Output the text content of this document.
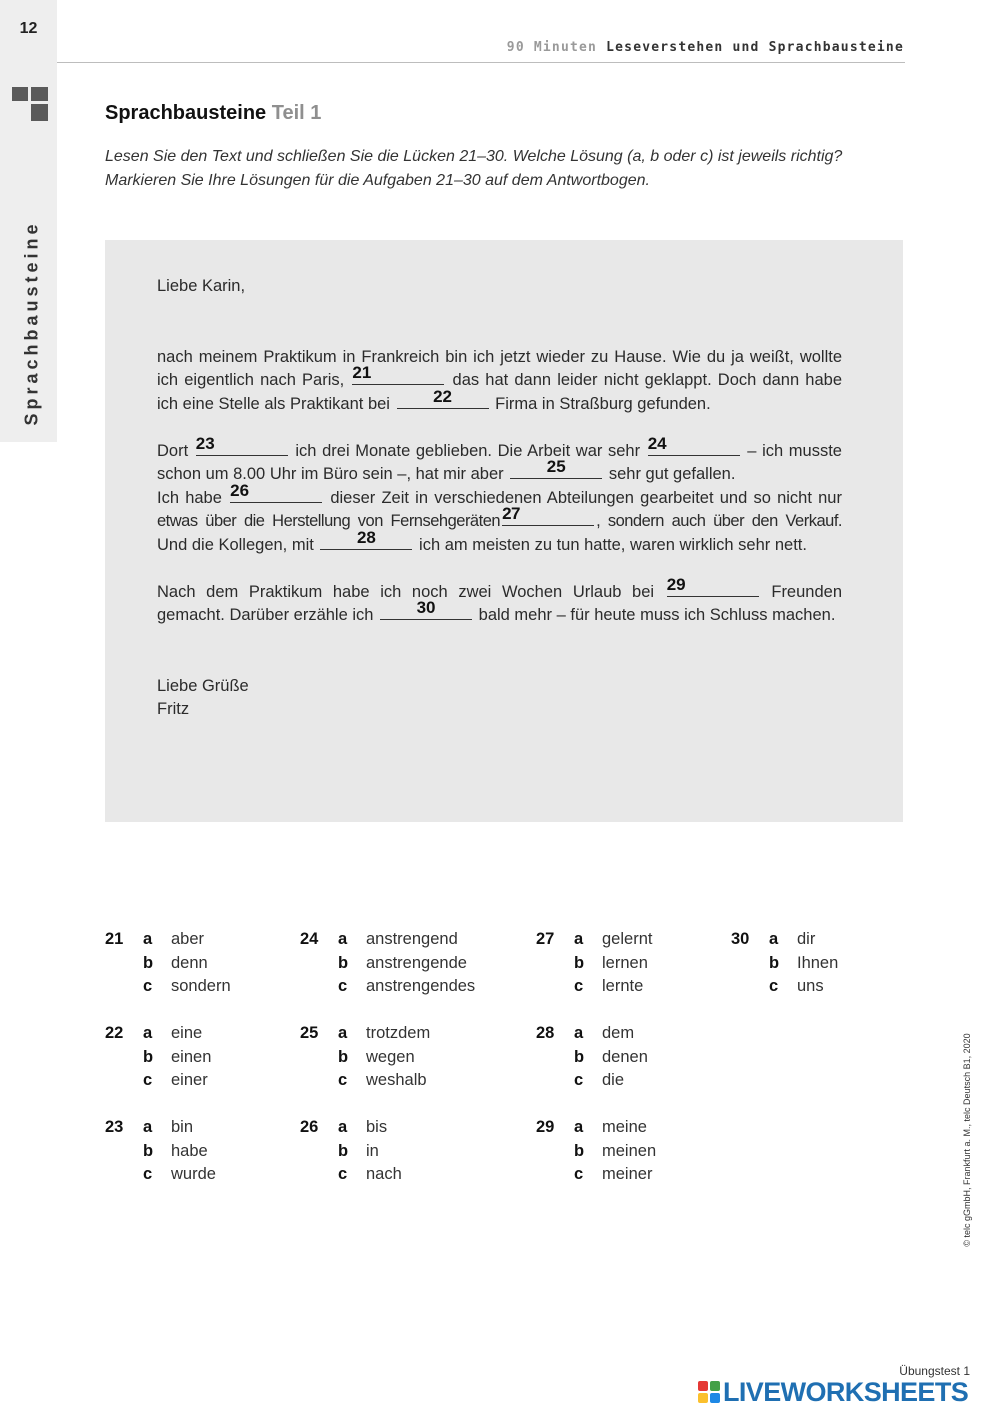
12
Sprachbausteine
90 Minuten Leseverstehen und Sprachbausteine
Sprachbausteine Teil 1
Lesen Sie den Text und schließen Sie die Lücken 21–30. Welche Lösung (a, b oder c) ist jeweils richtig?
Markieren Sie Ihre Lösungen für die Aufgaben 21–30 auf dem Antwortbogen.

Liebe Karin,

nach meinem Praktikum in Frankreich bin ich jetzt wieder zu Hause. Wie du ja weißt, wollte

ich eigentlich nach Paris, 21	das hat dann leider nicht geklappt. Doch dann habe

ich eine Stelle als Praktikant bei	22	Firma in Straßburg gefunden.

Dort 23	ich drei Monate geblieben. Die Arbeit war sehr 24	– ich musste

schon um 8.00 Uhr im Büro sein –, hat mir aber	25	sehr gut gefallen.

Ich habe 26	dieser Zeit in verschiedenen Abteilungen gearbeitet und so nicht nur

etwas über die Herstellung von Fernsehgeräten 27	, sondern auch über den Verkauf.

Und die Kollegen, mit	28	ich am meisten zu tun hatte, waren wirklich sehr nett.

Nach dem Praktikum habe ich noch zwei Wochen Urlaub bei 29	Freunden

gemacht. Darüber erzähle ich	30	bald mehr – für heute muss ich Schluss machen.

Liebe Grüße

Fritz

21	a	aber
b	denn
c	sondern
22	a	eine
b	einen
c	einer
23	a	bin
b	habe
c	wurde
24	a	anstrengend
b	anstrengende
c	anstrengendes
25	a	trotzdem
b	wegen
c	weshalb
26	a	bis
b	in
c	nach
27	a	gelernt
b	lernen
c	lernte
28	a	dem
b	denen
c	die
29	a	meine
b	meinen
c	meiner
30	a	dir
b	Ihnen
c	uns
© telc gGmbH, Frankfurt a. M., telc Deutsch B1, 2020
Übungstest 1
LIVEWORKSHEETS
